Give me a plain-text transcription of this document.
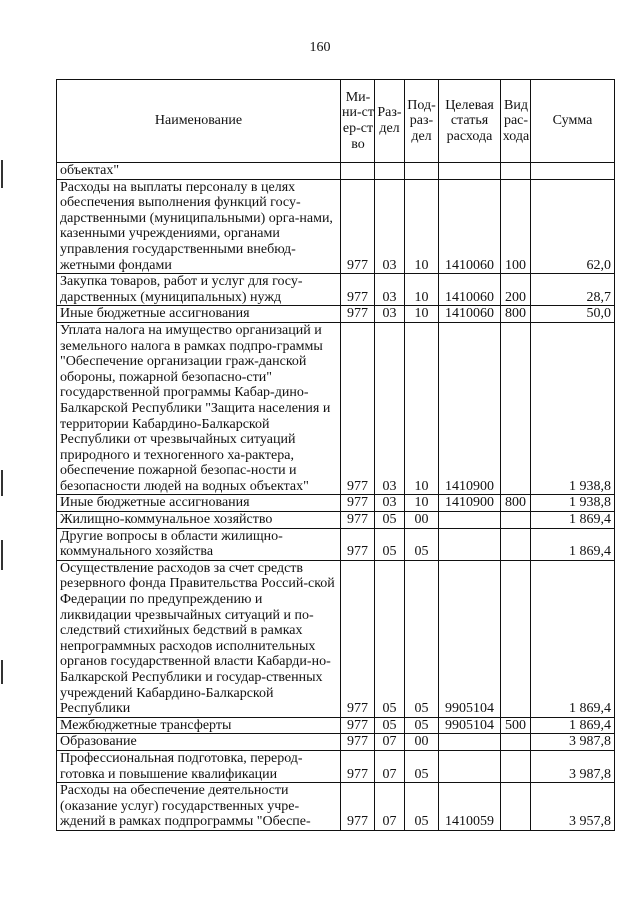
160
Наименование	Ми-ни-стер-ство	Раз-дел	Под-раз-дел	Целевая статья расхода	Вид рас-хода	Сумма
объектах"						
Расходы на выплаты персоналу в целях обеспечения выполнения функций госу-дарственными (муниципальными) орга-нами, казенными учреждениями, органами управления государственными внебюд-жетными фондами	977	03	10	1410060	100	62,0
Закупка товаров, работ и услуг для госу-дарственных (муниципальных) нужд	977	03	10	1410060	200	28,7
Иные бюджетные ассигнования	977	03	10	1410060	800	50,0
Уплата налога на имущество организаций и земельного налога в рамках подпро-граммы "Обеспечение организации граж-данской обороны, пожарной безопасно-сти" государственной программы Кабар-дино-Балкарской Республики "Защита населения и территории Кабардино-Балкарской Республики от чрезвычайных ситуаций природного и техногенного ха-рактера, обеспечение пожарной безопас-ности и безопасности людей на водных объектах"	977	03	10	1410900		1 938,8
Иные бюджетные ассигнования	977	03	10	1410900	800	1 938,8
Жилищно-коммунальное хозяйство	977	05	00			1 869,4
Другие вопросы в области жилищно-коммунального хозяйства	977	05	05			1 869,4
Осуществление расходов за счет средств резервного фонда Правительства Россий-ской Федерации по предупреждению и ликвидации чрезвычайных ситуаций и по-следствий стихийных бедствий в рамках непрограммных расходов исполнительных органов государственной власти Кабарди-но-Балкарской Республики и государ-ственных учреждений Кабардино-Балкарской Республики	977	05	05	9905104		1 869,4
Межбюджетные трансферты	977	05	05	9905104	500	1 869,4
Образование	977	07	00			3 987,8
Профессиональная подготовка, переpод-готовка и повышение квалификации	977	07	05			3 987,8
Расходы на обеспечение деятельности (оказание услуг) государственных учре-ждений в рамках подпрограммы "Обеспе-	977	07	05	1410059		3 957,8
